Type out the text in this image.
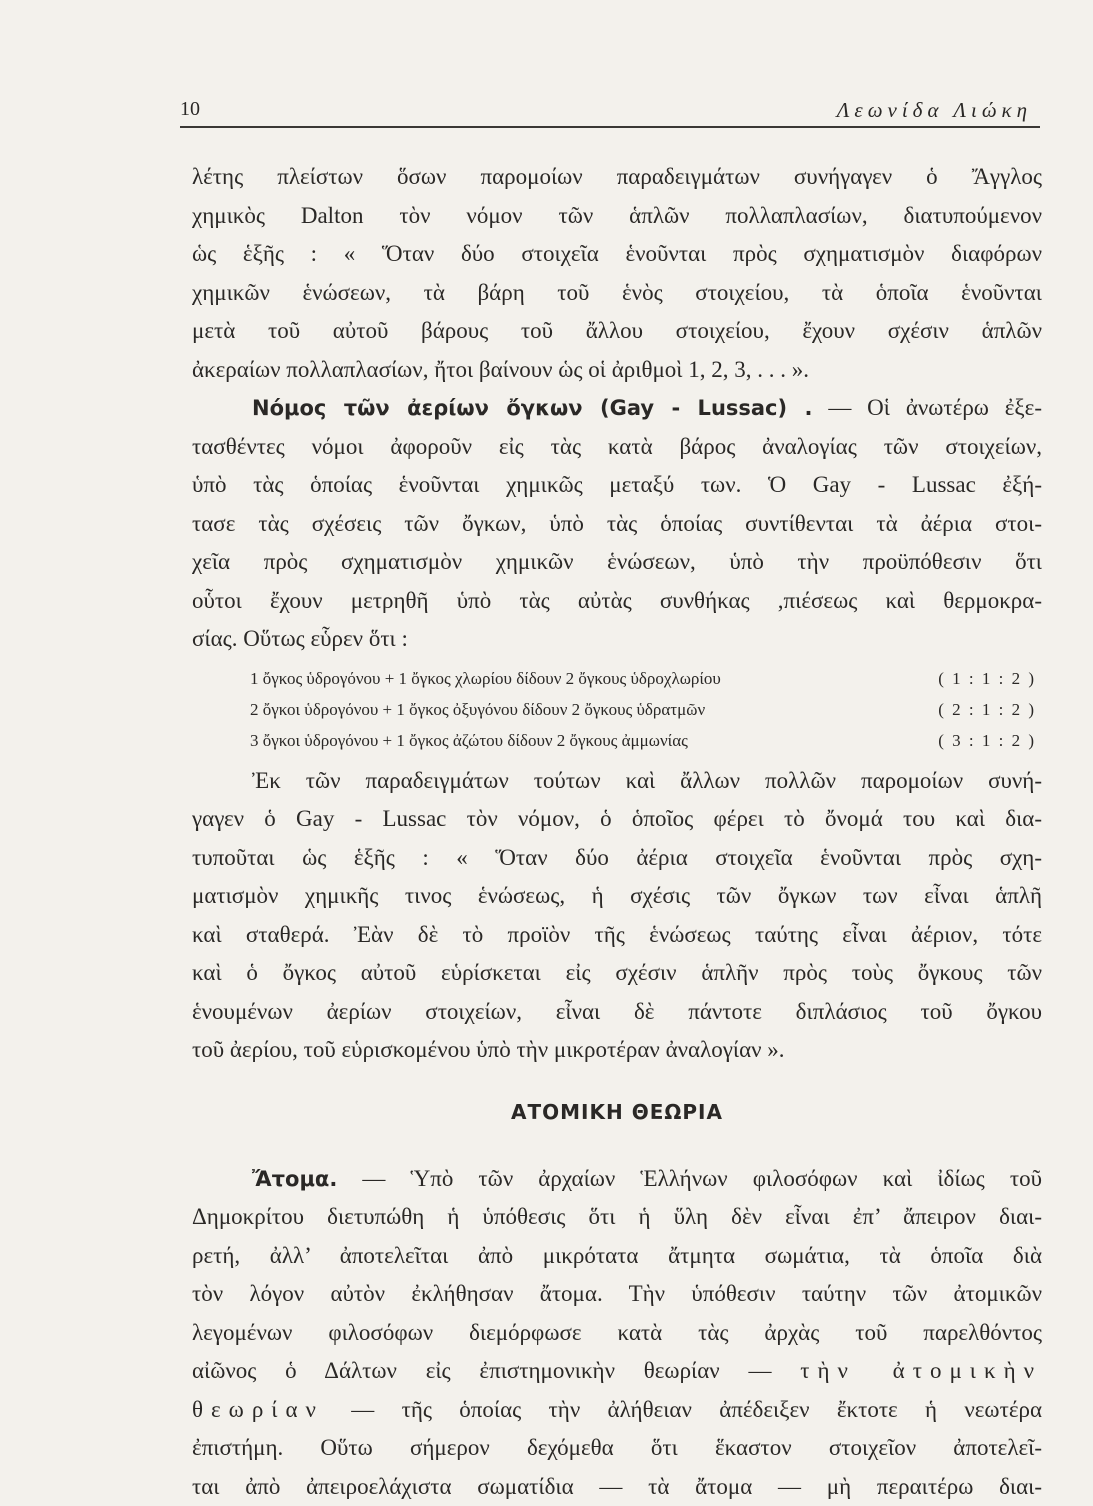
10	Λεωνίδα Λιώκη
λέτης πλείστων ὅσων παρομοίων παραδειγμάτων συνήγαγεν ὁ Ἄγγλος
χημικὸς Dalton τὸν νόμον τῶν ἁπλῶν πολλαπλασίων, διατυπούμενον
ὡς ἑξῆς : « Ὅταν δύο στοιχεῖα ἑνοῦνται πρὸς σχηματισμὸν διαφόρων
χημικῶν ἑνώσεων, τὰ βάρη τοῦ ἑνὸς στοιχείου, τὰ ὁποῖα ἑνοῦνται
μετὰ τοῦ αὐτοῦ βάρους τοῦ ἄλλου στοιχείου, ἔχουν σχέσιν ἁπλῶν
ἀκεραίων πολλαπλασίων, ἤτοι βαίνουν ὡς οἱ ἀριθμοὶ 1, 2, 3, . . . ».
Νόμος τῶν ἀερίων ὄγκων (Gay - Lussac) . — Οἱ ἀνωτέρω ἐξε-
τασθέντες νόμοι ἀφοροῦν εἰς τὰς κατὰ βάρος ἀναλογίας τῶν στοιχείων,
ὑπὸ τὰς ὁποίας ἑνοῦνται χημικῶς μεταξύ των. Ὁ Gay - Lussac ἐξή-
τασε τὰς σχέσεις τῶν ὄγκων, ὑπὸ τὰς ὁποίας συντίθενται τὰ ἀέρια στοι-
χεῖα πρὸς σχηματισμὸν χημικῶν ἑνώσεων, ὑπὸ τὴν προϋπόθεσιν ὅτι
οὗτοι ἔχουν μετρηθῆ ὑπὸ τὰς αὐτὰς συνθήκας ,πιέσεως καὶ θερμοκρα-
σίας. Οὕτως εὗρεν ὅτι :
1 ὄγκος ὑδρογόνου + 1 ὄγκος χλωρίου δίδουν 2 ὄγκους ὑδροχλωρίου	( 1 : 1 : 2 )
2 ὄγκοι ὑδρογόνου + 1 ὄγκος ὀξυγόνου δίδουν 2 ὄγκους ὑδρατμῶν	( 2 : 1 : 2 )
3 ὄγκοι ὑδρογόνου + 1 ὄγκος ἀζώτου δίδουν 2 ὄγκους ἀμμωνίας	( 3 : 1 : 2 )
Ἐκ τῶν παραδειγμάτων τούτων καὶ ἄλλων πολλῶν παρομοίων συνή-
γαγεν ὁ Gay - Lussac τὸν νόμον, ὁ ὁποῖος φέρει τὸ ὄνομά του καὶ δια-
τυποῦται ὡς ἑξῆς : « Ὅταν δύο ἀέρια στοιχεῖα ἑνοῦνται πρὸς σχη-
ματισμὸν χημικῆς τινος ἑνώσεως, ἡ σχέσις τῶν ὄγκων των εἶναι ἁπλῆ
καὶ σταθερά. Ἐὰν δὲ τὸ προϊὸν τῆς ἑνώσεως ταύτης εἶναι ἀέριον, τότε
καὶ ὁ ὄγκος αὐτοῦ εὑρίσκεται εἰς σχέσιν ἁπλῆν πρὸς τοὺς ὄγκους τῶν
ἑνουμένων ἀερίων στοιχείων, εἶναι δὲ πάντοτε διπλάσιος τοῦ ὄγκου
τοῦ ἀερίου, τοῦ εὑρισκομένου ὑπὸ τὴν μικροτέραν ἀναλογίαν ».
ΑΤΟΜΙΚΗ ΘΕΩΡΙΑ
Ἄτομα. — Ὑπὸ τῶν ἀρχαίων Ἑλλήνων φιλοσόφων καὶ ἰδίως τοῦ
Δημοκρίτου διετυπώθη ἡ ὑπόθεσις ὅτι ἡ ὕλη δὲν εἶναι ἐπ’ ἄπειρον διαι-
ρετή, ἀλλ’ ἀποτελεῖται ἀπὸ μικρότατα ἄτμητα σωμάτια, τὰ ὁποῖα διὰ
τὸν λόγον αὐτὸν ἐκλήθησαν ἄτομα. Τὴν ὑπόθεσιν ταύτην τῶν ἀτομικῶν
λεγομένων φιλοσόφων διεμόρφωσε κατὰ τὰς ἀρχὰς τοῦ παρελθόντος
αἰῶνος ὁ Δάλτων εἰς ἐπιστημονικὴν θεωρίαν — τὴν ἀτομικὴν
θεωρίαν — τῆς ὁποίας τὴν ἀλήθειαν ἀπέδειξεν ἔκτοτε ἡ νεωτέρα
ἐπιστήμη. Οὕτω σήμερον δεχόμεθα ὅτι ἕκαστον στοιχεῖον ἀποτελεῖ-
ται ἀπὸ ἀπειροελάχιστα σωματίδια — τὰ ἄτομα — μὴ περαιτέρω διαι-
